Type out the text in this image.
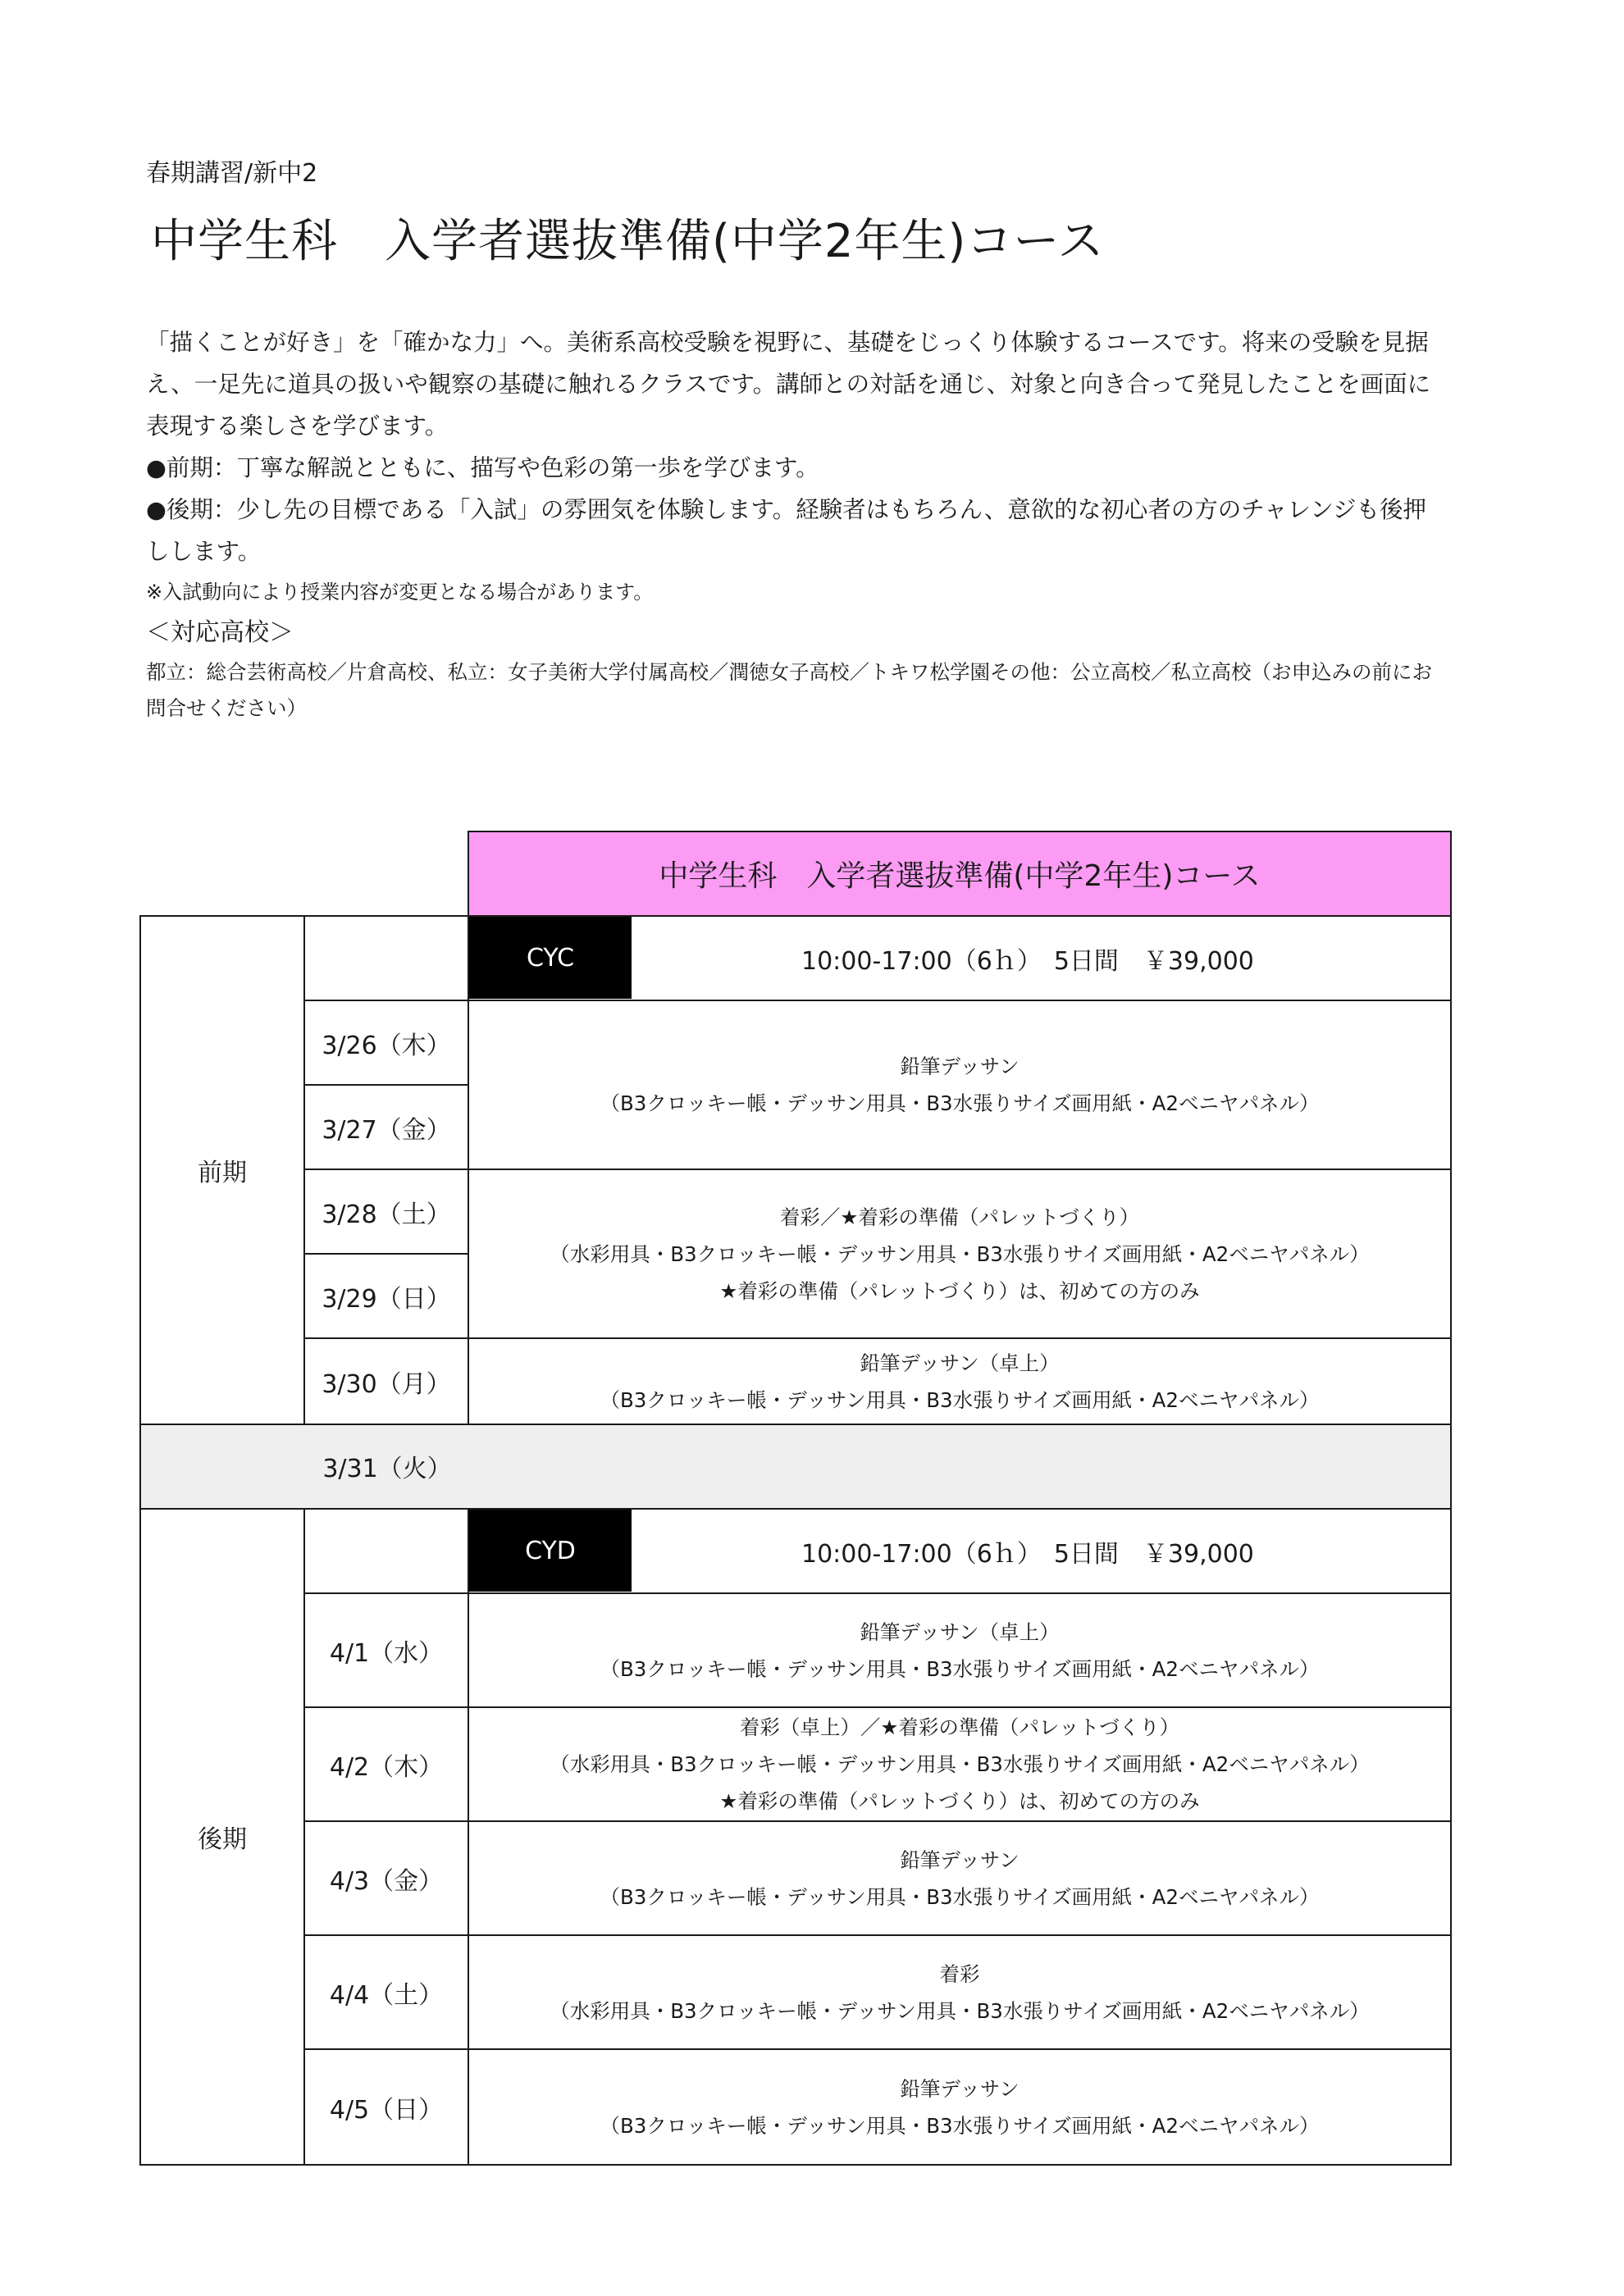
春期講習/新中2
中学生科　入学者選抜準備(中学2年生)コース

「描くことが好き」を「確かな力」へ。美術系高校受験を視野に、基礎をじっくり体験するコースです。将来の受験を見据え、一足先に道具の扱いや観察の基礎に触れるクラスです。講師との対話を通じ、対象と向き合って発見したことを画面に表現する楽しさを学びます。

●前期：丁寧な解説とともに、描写や色彩の第一歩を学びます。

●後期：少し先の目標である「入試」の雰囲気を体験します。経験者はもちろん、意欲的な初心者の方のチャレンジも後押しします。

※入試動向により授業内容が変更となる場合があります。

＜対応高校＞

都立：総合芸術高校／片倉高校、私立：女子美術大学付属高校／潤徳女子高校／トキワ松学園その他：公立高校／私立高校（お申込みの前にお問合せください）

中学生科　入学者選抜準備(中学2年生)コース
前期
CYC	10:00-17:00（6ｈ）　5日間　￥39,000
3/26（木）
3/27（金）
3/28（土）
3/29（日）
3/30（月）
鉛筆デッサン
（B3クロッキー帳・デッサン用具・B3水張りサイズ画用紙・A2ベニヤパネル）
着彩／★着彩の準備（パレットづくり）
（水彩用具・B3クロッキー帳・デッサン用具・B3水張りサイズ画用紙・A2ベニヤパネル）
★着彩の準備（パレットづくり）は、初めての方のみ
鉛筆デッサン（卓上）
（B3クロッキー帳・デッサン用具・B3水張りサイズ画用紙・A2ベニヤパネル）
3/31（火）
後期
CYD	10:00-17:00（6ｈ）　5日間　￥39,000
4/1（水）
鉛筆デッサン（卓上）
（B3クロッキー帳・デッサン用具・B3水張りサイズ画用紙・A2ベニヤパネル）
4/2（木）
着彩（卓上）／★着彩の準備（パレットづくり）
（水彩用具・B3クロッキー帳・デッサン用具・B3水張りサイズ画用紙・A2ベニヤパネル）
★着彩の準備（パレットづくり）は、初めての方のみ
4/3（金）
鉛筆デッサン
（B3クロッキー帳・デッサン用具・B3水張りサイズ画用紙・A2ベニヤパネル）
4/4（土）
着彩
（水彩用具・B3クロッキー帳・デッサン用具・B3水張りサイズ画用紙・A2ベニヤパネル）
4/5（日）
鉛筆デッサン
（B3クロッキー帳・デッサン用具・B3水張りサイズ画用紙・A2ベニヤパネル）
